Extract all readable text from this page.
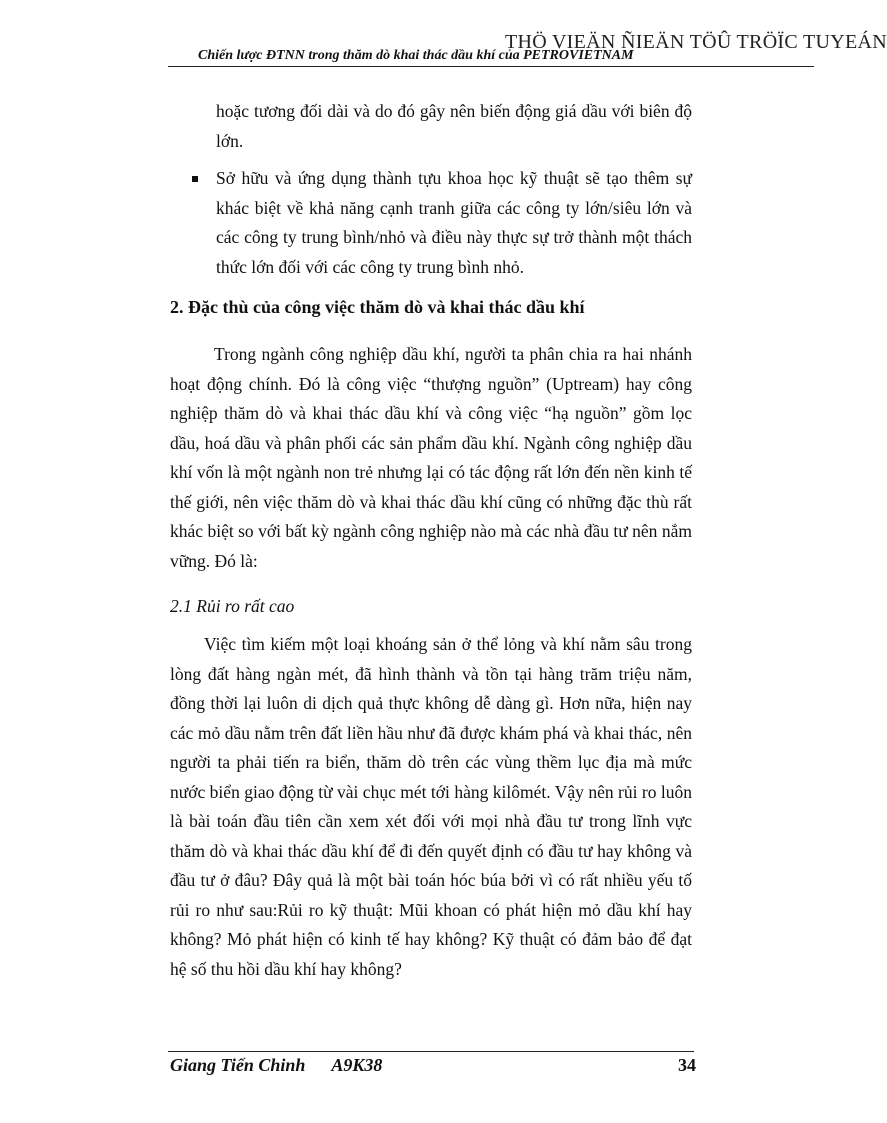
THÖ VIEÄN ÑIEÄN TÖÛ TRÖÏC TUYEÁN
Chiến lược ĐTNN trong thăm dò khai thác dầu khí của PETROVIETNAM
hoặc tương đối dài và do đó gây nên biến động giá dầu với biên độ lớn.
Sở hữu và ứng dụng thành tựu khoa học kỹ thuật sẽ tạo thêm sự khác biệt về khả năng cạnh tranh giữa các công ty lớn/siêu lớn và các công ty trung bình/nhỏ và điều này thực sự trở thành một thách thức lớn đối với các công ty trung bình nhỏ.
2. Đặc thù của công việc thăm dò và khai thác dầu khí
Trong ngành công nghiệp dầu khí, người ta phân chia ra hai nhánh hoạt động chính. Đó là công việc “thượng nguồn” (Uptream) hay công nghiệp thăm dò và khai thác dầu khí và công việc “hạ nguồn” gồm lọc dầu, hoá dầu và phân phối các sản phẩm dầu khí. Ngành công nghiệp dầu khí vốn là một ngành non trẻ nhưng lại có tác động rất lớn đến nền kinh tế thế giới, nên việc thăm dò và khai thác dầu khí cũng có những đặc thù rất khác biệt so với bất kỳ ngành công nghiệp nào mà các nhà đầu tư nên nắm vững. Đó là:
2.1 Rủi ro rất cao
Việc tìm kiếm một loại khoáng sản ở thể lỏng và khí nằm sâu trong lòng đất hàng ngàn mét, đã hình thành và tồn tại hàng trăm triệu năm, đồng thời lại luôn di dịch quả thực không dễ dàng gì. Hơn nữa, hiện nay các mỏ dầu nằm trên đất liền hầu như đã được khám phá và khai thác, nên người ta phải tiến ra biển, thăm dò trên các vùng thềm lục địa mà mức nước biển giao động từ vài chục mét tới hàng kilômét. Vậy nên rủi ro luôn là bài toán đầu tiên cần xem xét đối với mọi nhà đầu tư trong lĩnh vực thăm dò và khai thác dầu khí để đi đến quyết định có đầu tư hay không và đầu tư ở đâu? Đây quả là một bài toán hóc búa bởi vì có rất nhiều yếu tố rủi ro như sau:Rủi ro kỹ thuật: Mũi khoan có phát hiện mỏ dầu khí hay không? Mỏ phát hiện có kinh tế hay không? Kỹ thuật có đảm bảo để đạt hệ số thu hồi dầu khí hay không?
Giang Tiến Chinh A9K38	34
